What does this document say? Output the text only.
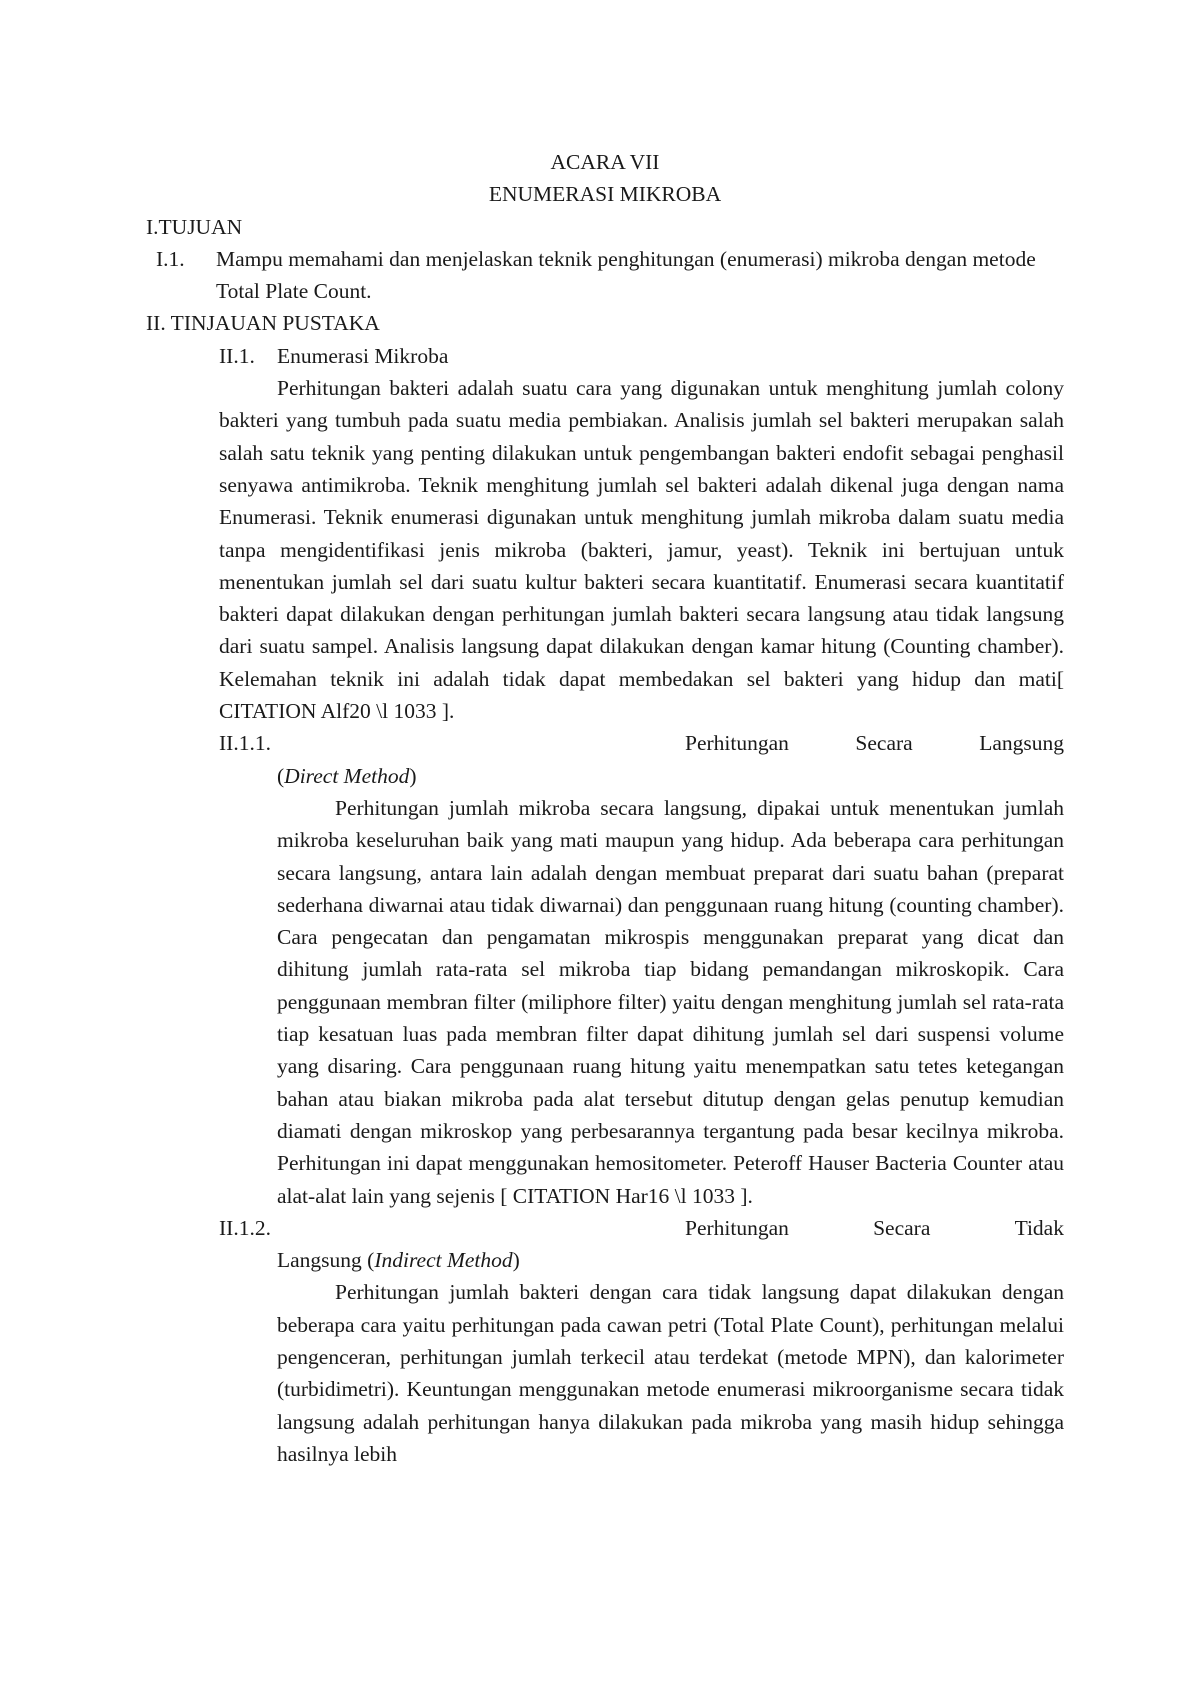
ACARA VII

ENUMERASI MIKROBA

I.TUJUAN

I.1.	Mampu memahami dan menjelaskan teknik penghitungan (enumerasi) mikroba dengan metode Total Plate Count.

II. TINJAUAN PUSTAKA

II.1.	Enumerasi Mikroba

Perhitungan bakteri adalah suatu cara yang digunakan untuk menghitung jumlah colony bakteri yang tumbuh pada suatu media pembiakan. Analisis jumlah sel bakteri merupakan salah salah satu teknik yang penting dilakukan untuk pengembangan bakteri endofit sebagai penghasil senyawa antimikroba. Teknik menghitung jumlah sel bakteri adalah dikenal juga dengan nama Enumerasi. Teknik enumerasi digunakan untuk menghitung jumlah mikroba dalam suatu media tanpa mengidentifikasi jenis mikroba (bakteri, jamur, yeast). Teknik ini bertujuan untuk menentukan jumlah sel dari suatu kultur bakteri secara kuantitatif. Enumerasi secara kuantitatif bakteri dapat dilakukan dengan perhitungan jumlah bakteri secara langsung atau tidak langsung dari suatu sampel. Analisis langsung dapat dilakukan dengan kamar hitung (Counting chamber). Kelemahan teknik ini adalah tidak dapat membedakan sel bakteri yang hidup dan mati[ CITATION Alf20 \l 1033 ].

II.1.1.	Perhitungan	Secara	Langsung

(Direct Method)

Perhitungan jumlah mikroba secara langsung, dipakai untuk menentukan jumlah mikroba keseluruhan baik yang mati maupun yang hidup. Ada beberapa cara perhitungan secara langsung, antara lain adalah dengan membuat preparat dari suatu bahan (preparat sederhana diwarnai atau tidak diwarnai) dan penggunaan ruang hitung (counting chamber). Cara pengecatan dan pengamatan mikrospis menggunakan preparat yang dicat dan dihitung jumlah rata-rata sel mikroba tiap bidang pemandangan mikroskopik. Cara penggunaan membran filter (miliphore filter) yaitu dengan menghitung jumlah sel rata-rata tiap kesatuan luas pada membran filter dapat dihitung jumlah sel dari suspensi volume yang disaring. Cara penggunaan ruang hitung yaitu menempatkan satu tetes ketegangan bahan atau biakan mikroba pada alat tersebut ditutup dengan gelas penutup kemudian diamati dengan mikroskop yang perbesarannya tergantung pada besar kecilnya mikroba. Perhitungan ini dapat menggunakan hemositometer. Peteroff Hauser Bacteria Counter atau alat-alat lain yang sejenis [ CITATION Har16 \l 1033 ].

II.1.2.	Perhitungan	Secara	Tidak

Langsung (Indirect Method)

Perhitungan jumlah bakteri dengan cara tidak langsung dapat dilakukan dengan beberapa cara yaitu perhitungan pada cawan petri (Total Plate Count), perhitungan melalui pengenceran, perhitungan jumlah terkecil atau terdekat (metode MPN), dan kalorimeter (turbidimetri). Keuntungan menggunakan metode enumerasi mikroorganisme secara tidak langsung adalah perhitungan hanya dilakukan pada mikroba yang masih hidup sehingga hasilnya lebih
